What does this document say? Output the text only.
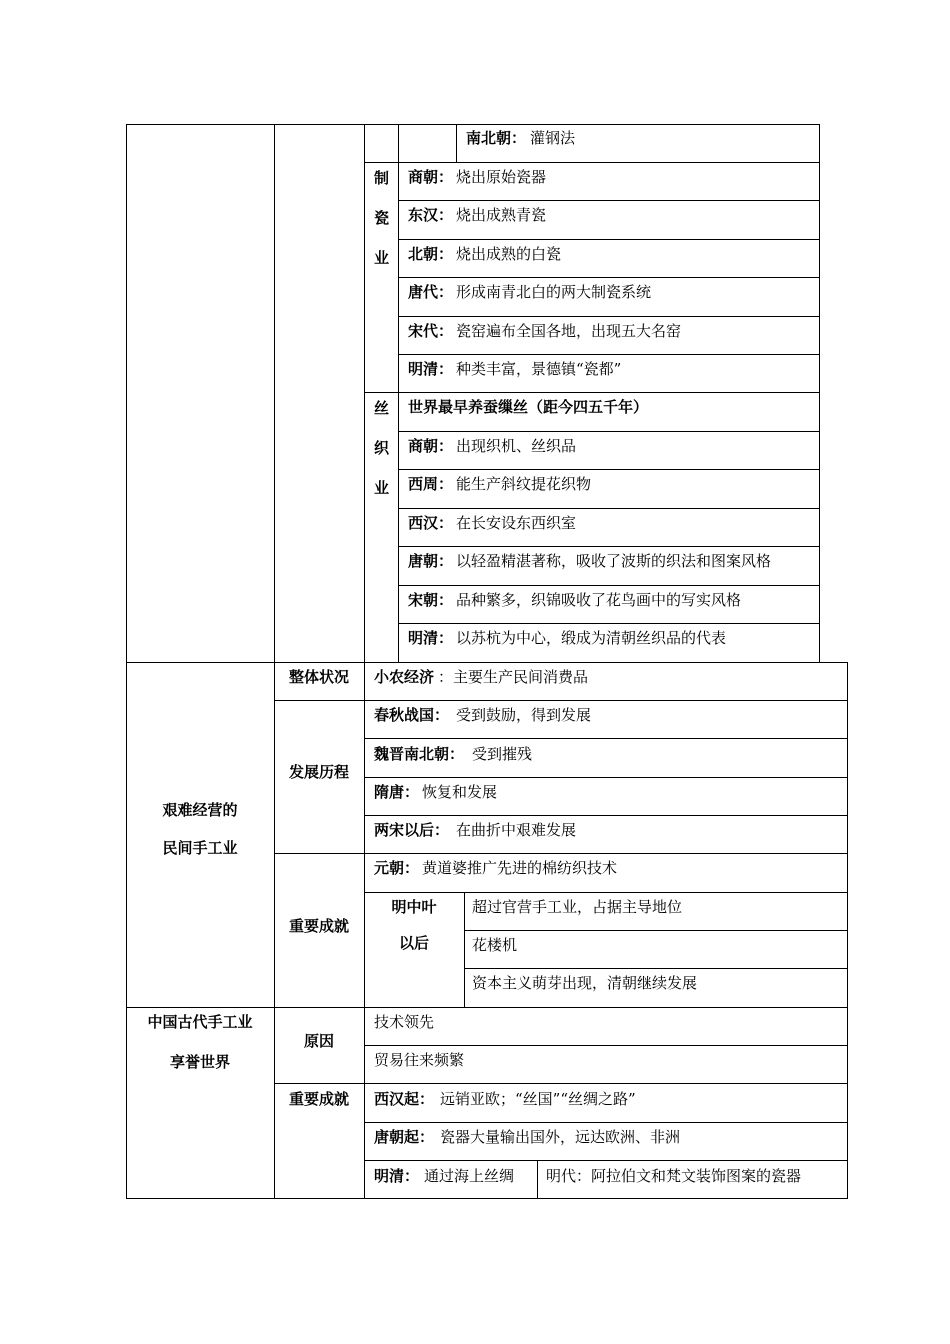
南北朝： 灌钢法
制
瓷
业
商朝： 烧出原始瓷器
东汉： 烧出成熟青瓷
北朝： 烧出成熟的白瓷
唐代： 形成南青北白的两大制瓷系统
宋代： 瓷窑遍布全国各地，出现五大名窑
明清： 种类丰富，景德镇“瓷都”
丝
织
业
世界最早养蚕缫丝（距今四五千年）
商朝： 出现织机、丝织品
西周： 能生产斜纹提花织物
西汉： 在长安设东西织室
唐朝： 以轻盈精湛著称，吸收了波斯的织法和图案风格
宋朝： 品种繁多，织锦吸收了花鸟画中的写实风格
明清： 以苏杭为中心，缎成为清朝丝织品的代表
艰难经营的
民间手工业
整体状况	小农经济 ：主要生产民间消费品
发展历程
春秋战国： 受到鼓励，得到发展
魏晋南北朝： 受到摧残
隋唐： 恢复和发展
两宋以后： 在曲折中艰难发展
重要成就
元朝： 黄道婆推广先进的棉纺织技术
明中叶
以后
超过官营手工业，占据主导地位
花楼机
资本主义萌芽出现，清朝继续发展
中国古代手工业
享誉世界
原因
技术领先
贸易往来频繁
重要成就	西汉起： 远销亚欧；“丝国”“丝绸之路”
唐朝起： 瓷器大量输出国外，远达欧洲、非洲
明清： 通过海上丝绸 明代：阿拉伯文和梵文装饰图案的瓷器
